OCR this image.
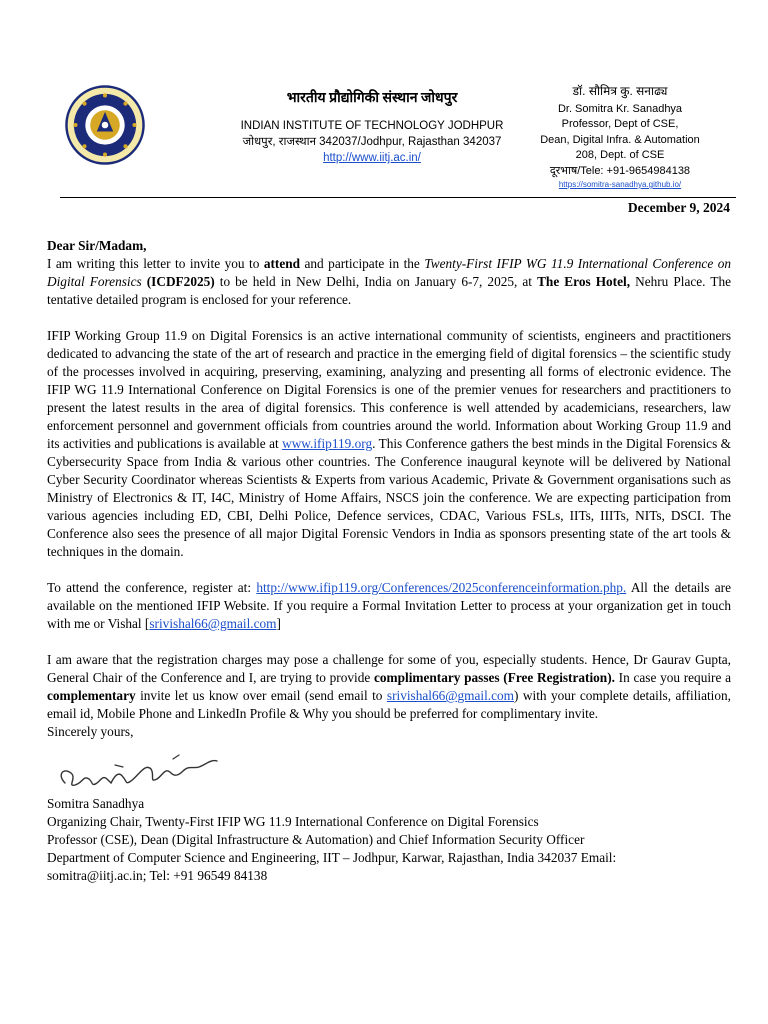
भारतीय प्रौद्योगिकी संस्थान जोधपुर
INDIAN INSTITUTE OF TECHNOLOGY JODHPUR
जोधपुर, राजस्थान 342037/Jodhpur, Rajasthan 342037
http://www.iitj.ac.in/
डॉ. सौमित्र कु. सनाढ्य
Dr. Somitra Kr. Sanadhya
Professor, Dept of CSE,
Dean, Digital Infra. & Automation
208, Dept. of CSE
दूरभाष/Tele: +91-9654984138
https://somitra-sanadhya.github.io/
December 9, 2024

Dear Sir/Madam,

I am writing this letter to invite you to attend and participate in the Twenty-First IFIP WG 11.9 International Conference on Digital Forensics (ICDF2025) to be held in New Delhi, India on January 6-7, 2025, at The Eros Hotel, Nehru Place. The tentative detailed program is enclosed for your reference.

IFIP Working Group 11.9 on Digital Forensics is an active international community of scientists, engineers and practitioners dedicated to advancing the state of the art of research and practice in the emerging field of digital forensics – the scientific study of the processes involved in acquiring, preserving, examining, analyzing and presenting all forms of electronic evidence. The IFIP WG 11.9 International Conference on Digital Forensics is one of the premier venues for researchers and practitioners to present the latest results in the area of digital forensics. This conference is well attended by academicians, researchers, law enforcement personnel and government officials from countries around the world. Information about Working Group 11.9 and its activities and publications is available at www.ifip119.org. This Conference gathers the best minds in the Digital Forensics & Cybersecurity Space from India & various other countries. The Conference inaugural keynote will be delivered by National Cyber Security Coordinator whereas Scientists & Experts from various Academic, Private & Government organisations such as Ministry of Electronics & IT, I4C, Ministry of Home Affairs, NSCS join the conference. We are expecting participation from various agencies including ED, CBI, Delhi Police, Defence services, CDAC, Various FSLs, IITs, IIITs, NITs, DSCI. The Conference also sees the presence of all major Digital Forensic Vendors in India as sponsors presenting state of the art tools & techniques in the domain.

To attend the conference, register at: http://www.ifip119.org/Conferences/2025conferenceinformation.php. All the details are available on the mentioned IFIP Website. If you require a Formal Invitation Letter to process at your organization get in touch with me or Vishal [srivishal66@gmail.com]

I am aware that the registration charges may pose a challenge for some of you, especially students. Hence, Dr Gaurav Gupta, General Chair of the Conference and I, are trying to provide complimentary passes (Free Registration). In case you require a complementary invite let us know over email (send email to srivishal66@gmail.com) with your complete details, affiliation, email id, Mobile Phone and LinkedIn Profile & Why you should be preferred for complimentary invite.

Sincerely yours,

Somitra Sanadhya
Organizing Chair, Twenty-First IFIP WG 11.9 International Conference on Digital Forensics
Professor (CSE), Dean (Digital Infrastructure & Automation) and Chief Information Security Officer
Department of Computer Science and Engineering, IIT – Jodhpur, Karwar, Rajasthan, India 342037 Email:
somitra@iitj.ac.in; Tel: +91 96549 84138
